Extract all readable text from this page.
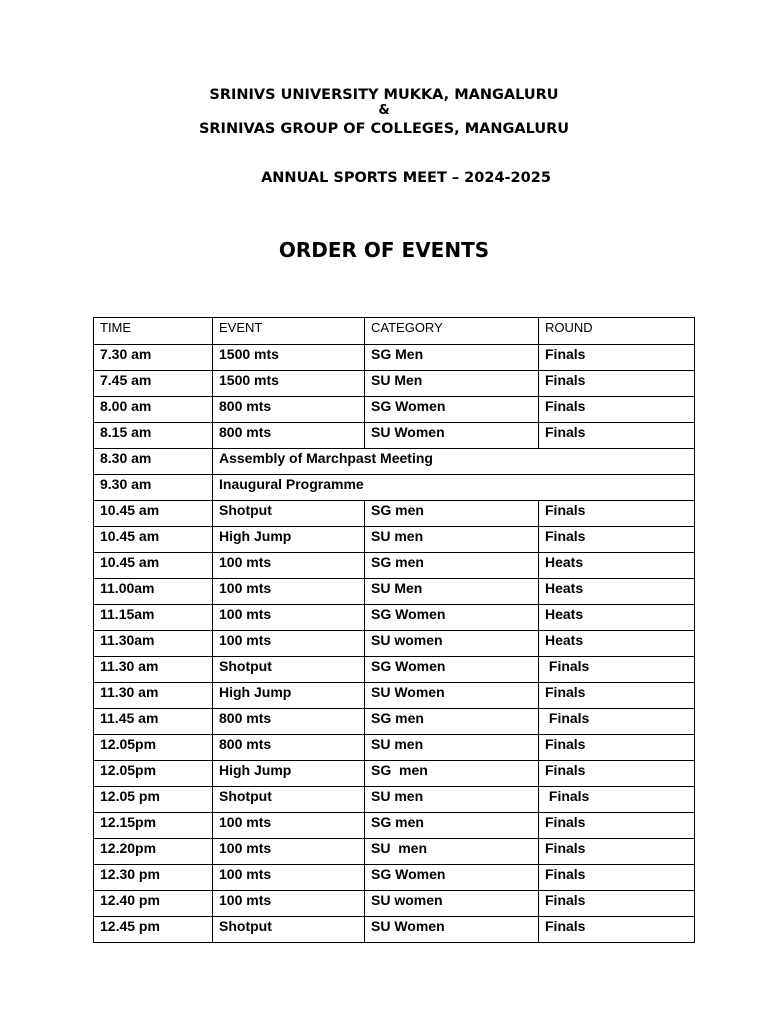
SRINIVS UNIVERSITY MUKKA, MANGALURU
&
SRINIVAS GROUP OF COLLEGES, MANGALURU
ANNUAL SPORTS MEET – 2024-2025
ORDER OF EVENTS
TIME	EVENT	CATEGORY	ROUND
7.30 am	1500 mts	SG Men	Finals
7.45 am	1500 mts	SU Men	Finals
8.00 am	800 mts	SG Women	Finals
8.15 am	800 mts	SU Women	Finals
8.30 am	Assembly of Marchpast Meeting		
9.30 am	Inaugural Programme		
10.45 am	Shotput	SG men	Finals
10.45 am	High Jump	SU men	Finals
10.45 am	100 mts	SG men	Heats
11.00am	100 mts	SU Men	Heats
11.15am	100 mts	SG Women	Heats
11.30am	100 mts	SU women	Heats
11.30 am	Shotput	SG Women	Finals
11.30 am	High Jump	SU Women	Finals
11.45 am	800 mts	SG men	Finals
12.05pm	800 mts	SU men	Finals
12.05pm	High Jump	SG  men	Finals
12.05 pm	Shotput	SU men	Finals
12.15pm	100 mts	SG men	Finals
12.20pm	100 mts	SU  men	Finals
12.30 pm	100 mts	SG Women	Finals
12.40 pm	100 mts	SU women	Finals
12.45 pm	Shotput	SU Women	Finals
